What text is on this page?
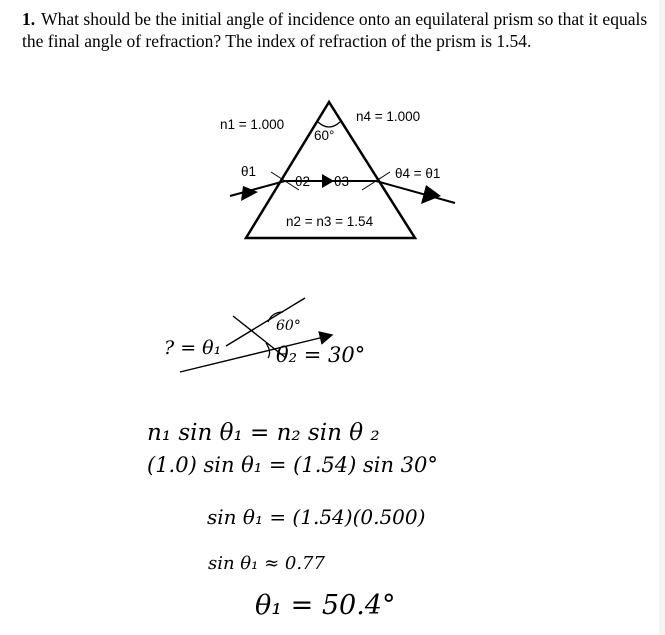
1. What should be the initial angle of incidence onto an equilateral prism so that it equals the final angle of refraction? The index of refraction of the prism is 1.54.
n1 = 1.000
n4 = 1.000
60°
θ1
θ2 θ3
θ4 = θ1
n2 = n3 = 1.54
? = θ₁
60°
θ₂ = 30°
n₁ sin θ₁ = n₂ sin θ ₂
(1.0) sin θ₁ = (1.54) sin 30°
sin θ₁ = (1.54)(0.500)
sin θ₁ ≈ 0.77
θ₁ = 50.4°
